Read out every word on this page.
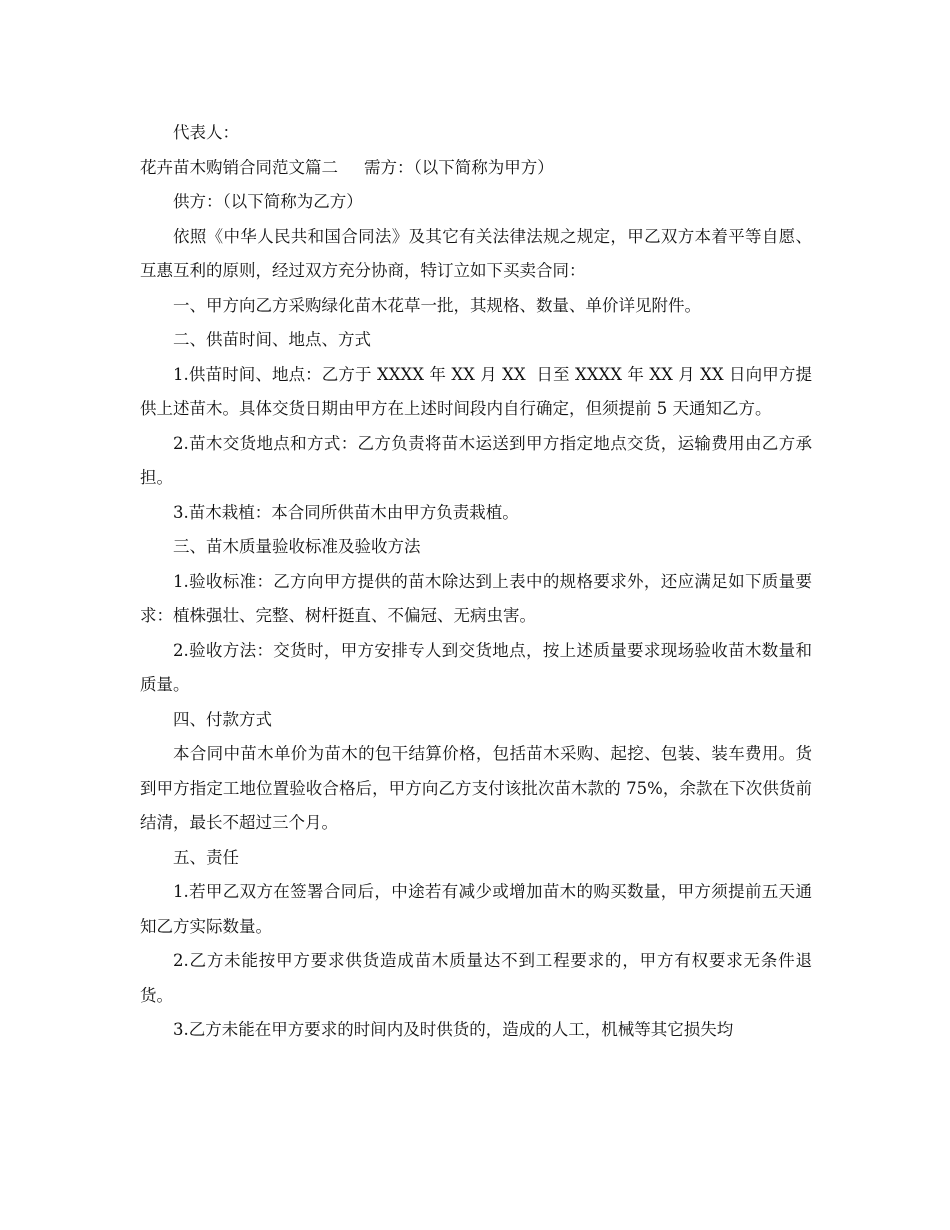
代表人：

花卉苗木购销合同范文篇二 需方：（以下简称为甲方）

供方：（以下简称为乙方）

依照《中华人民共和国合同法》及其它有关法律法规之规定，甲乙双方本着平等自愿、互惠互利的原则，经过双方充分协商，特订立如下买卖合同：

一、甲方向乙方采购绿化苗木花草一批，其规格、数量、单价详见附件。

二、供苗时间、地点、方式

1.供苗时间、地点：乙方于 XXXX 年 XX 月 XX  日至 XXXX 年 XX 月 XX 日向甲方提供上述苗木。具体交货日期由甲方在上述时间段内自行确定，但须提前 5 天通知乙方。

2.苗木交货地点和方式：乙方负责将苗木运送到甲方指定地点交货，运输费用由乙方承担。

3.苗木栽植：本合同所供苗木由甲方负责栽植。

三、苗木质量验收标准及验收方法

1.验收标准：乙方向甲方提供的苗木除达到上表中的规格要求外，还应满足如下质量要求：植株强壮、完整、树杆挺直、不偏冠、无病虫害。

2.验收方法：交货时，甲方安排专人到交货地点，按上述质量要求现场验收苗木数量和质量。

四、付款方式

本合同中苗木单价为苗木的包干结算价格，包括苗木采购、起挖、包装、装车费用。货到甲方指定工地位置验收合格后，甲方向乙方支付该批次苗木款的 75%，余款在下次供货前结清，最长不超过三个月。

五、责任

1.若甲乙双方在签署合同后，中途若有减少或增加苗木的购买数量，甲方须提前五天通知乙方实际数量。

2.乙方未能按甲方要求供货造成苗木质量达不到工程要求的，甲方有权要求无条件退货。

3.乙方未能在甲方要求的时间内及时供货的，造成的人工，机械等其它损失均
